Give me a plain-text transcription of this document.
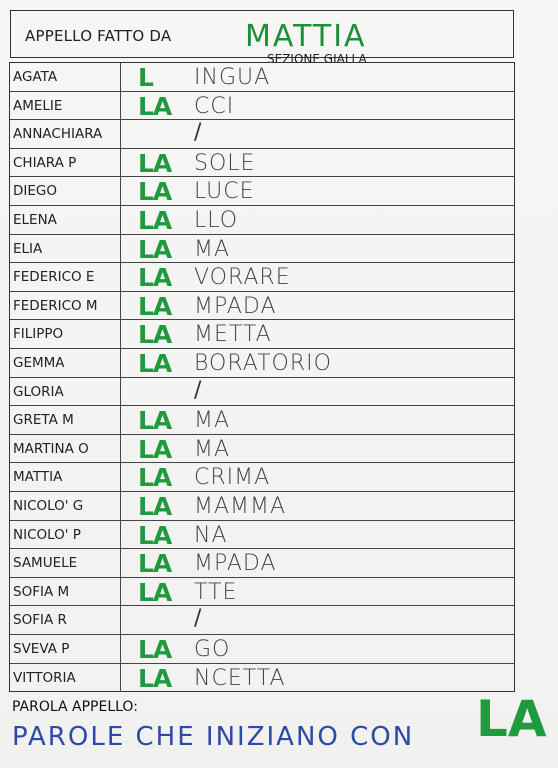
APPELLO FATTO DA MATTIA
SEZIONE GIALLA
AGATA	L INGUA
AMELIE	LA CCI
ANNACHIARA	/
CHIARA P LA SOLE
DIEGO	LA LUCE
ELENA	LA LLO
ELIA	LA MA
FEDERICO E LA VORARE
FEDERICO M LA MPADA
FILIPPO	LA METTA
GEMMA	LA BORATORIO
GLORIA	/
GRETA M	LA MA
MARTINA O LA MA
MATTIA	LA CRIMA
NICOLO' G LA MAMMA
NICOLO' P LA NA
SAMUELE LA MPADA
SOFIA M	LA TTE
SOFIA R	/
SVEVA P	LA GO
VITTORIA LA NCETTA
PAROLA APPELLO:
PAROLE CHE INIZIANO CON LA
